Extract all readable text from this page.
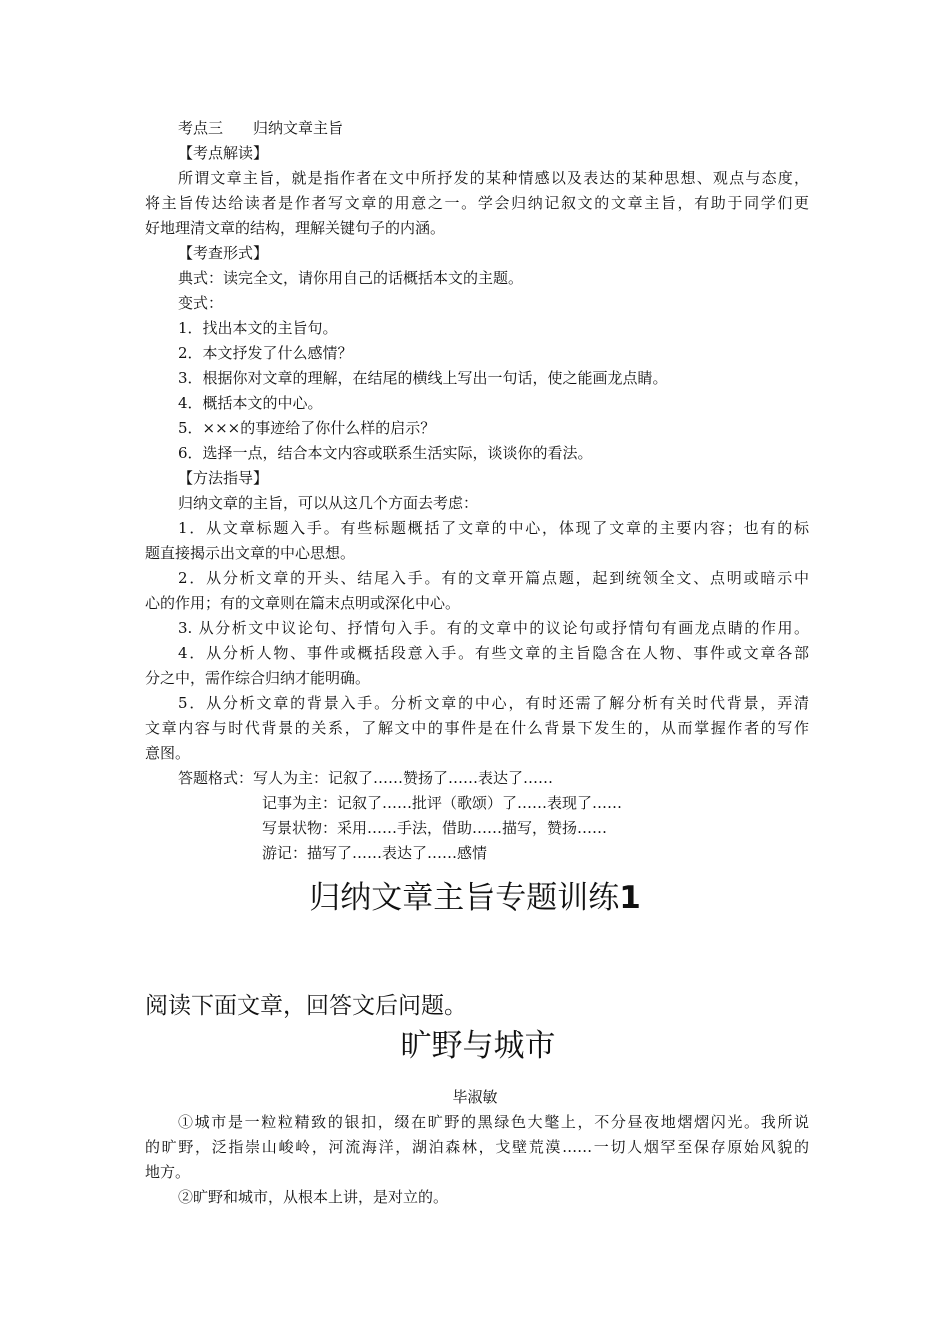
考点三　　归纳文章主旨
【考点解读】
所谓文章主旨，就是指作者在文中所抒发的某种情感以及表达的某种思想、观点与态度，
将主旨传达给读者是作者写文章的用意之一。学会归纳记叙文的文章主旨，有助于同学们更
好地理清文章的结构，理解关键句子的内涵。
【考查形式】
典式：读完全文，请你用自己的话概括本文的主题。
变式：
1．找出本文的主旨句。
2．本文抒发了什么感情？
3．根据你对文章的理解，在结尾的横线上写出一句话，使之能画龙点睛。
4．概括本文的中心。
5．×××的事迹给了你什么样的启示？
6．选择一点，结合本文内容或联系生活实际，谈谈你的看法。
【方法指导】
归纳文章的主旨，可以从这几个方面去考虑：
1．从文章标题入手。有些标题概括了文章的中心，体现了文章的主要内容；也有的标
题直接揭示出文章的中心思想。
2．从分析文章的开头、结尾入手。有的文章开篇点题，起到统领全文、点明或暗示中
心的作用；有的文章则在篇末点明或深化中心。
3. 从分析文中议论句、抒情句入手。有的文章中的议论句或抒情句有画龙点睛的作用。
4．从分析人物、事件或概括段意入手。有些文章的主旨隐含在人物、事件或文章各部
分之中，需作综合归纳才能明确。
5．从分析文章的背景入手。分析文章的中心，有时还需了解分析有关时代背景，弄清
文章内容与时代背景的关系，了解文中的事件是在什么背景下发生的，从而掌握作者的写作
意图。
答题格式：写人为主：记叙了……赞扬了……表达了……
记事为主：记叙了……批评（歌颂）了……表现了……
写景状物：采用……手法，借助……描写，赞扬……
游记：描写了……表达了……感情
归纳文章主旨专题训练1
阅读下面文章，回答文后问题。
旷野与城市
毕淑敏
①城市是一粒粒精致的银扣，缀在旷野的黑绿色大氅上，不分昼夜地熠熠闪光。我所说
的旷野，泛指崇山峻岭，河流海洋，湖泊森林，戈壁荒漠……一切人烟罕至保存原始风貌的
地方。
②旷野和城市，从根本上讲，是对立的。
